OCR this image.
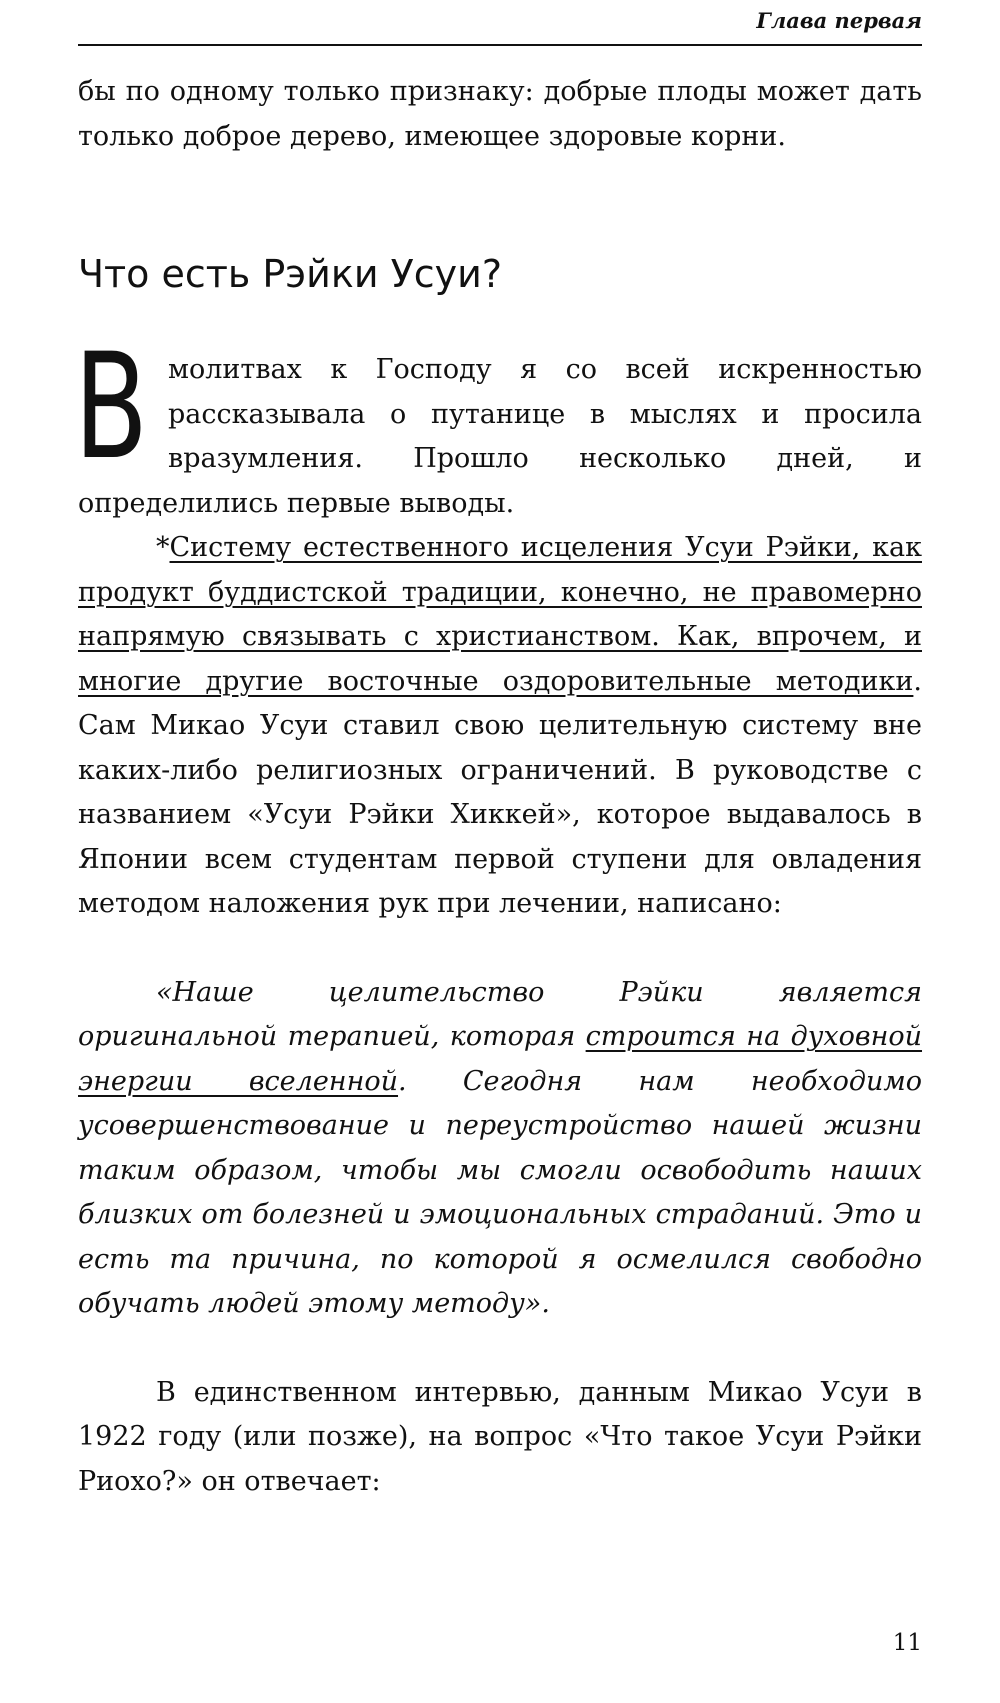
Глава первая

бы по одному только признаку: добрые плоды может дать только доброе дерево, имеющее здоровые корни.

Что есть Рэйки Усуи?

Вмолитвах к Господу я со всей искренностью рассказывала о путанице в мыслях и просила вразумления. Прошло несколько дней, и определились первые выводы.

*Систему естественного исцеления Усуи Рэйки, как продукт буддистской традиции, конечно, не правомерно напрямую связывать с христианством. Как, впрочем, и многие другие восточные оздоровительные методики. Сам Микао Усуи ставил свою целительную систему вне каких-либо религиозных ограничений. В руководстве с названием «Усуи Рэйки Хиккей», которое выдавалось в Японии всем студентам первой ступени для овладения методом наложения рук при лечении, написано:

«Наше целительство Рэйки является оригинальной терапией, которая строится на духовной энергии вселенной. Сегодня нам необходимо усовершенствование и переустройство нашей жизни таким образом, чтобы мы смогли освободить наших близких от болезней и эмоциональных страданий. Это и есть та причина, по которой я осмелился свободно обучать людей этому методу».

В единственном интервью, данным Микао Усуи в 1922 году (или позже), на вопрос «Что такое Усуи Рэйки Риохо?» он отвечает:

11
